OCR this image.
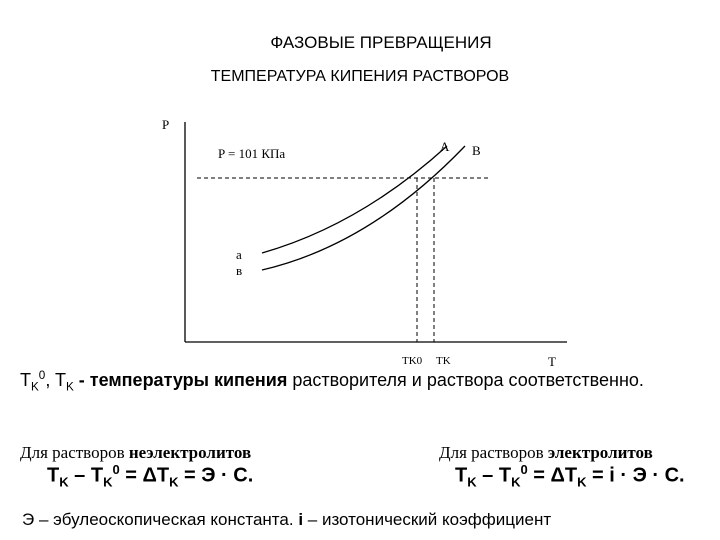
ФАЗОВЫЕ ПРЕВРАЩЕНИЯ
ТЕМПЕРАТУРА КИПЕНИЯ РАСТВОРОВ
P
T
P = 101 КПа	A B
a
в
TK0 TK
$T_K^0$, $T_K$ - температуры кипения растворителя и раствора соответственно.
Для растворов неэлектролитов
$T_K - T_K^0 = \Delta T_K = Э \cdot C$.
Для растворов электролитов
$T_K - T_K^0 = \Delta T_K = i \cdot Э \cdot C$.
Э – эбулеоскопическая константа. i – изотонический коэффициент
